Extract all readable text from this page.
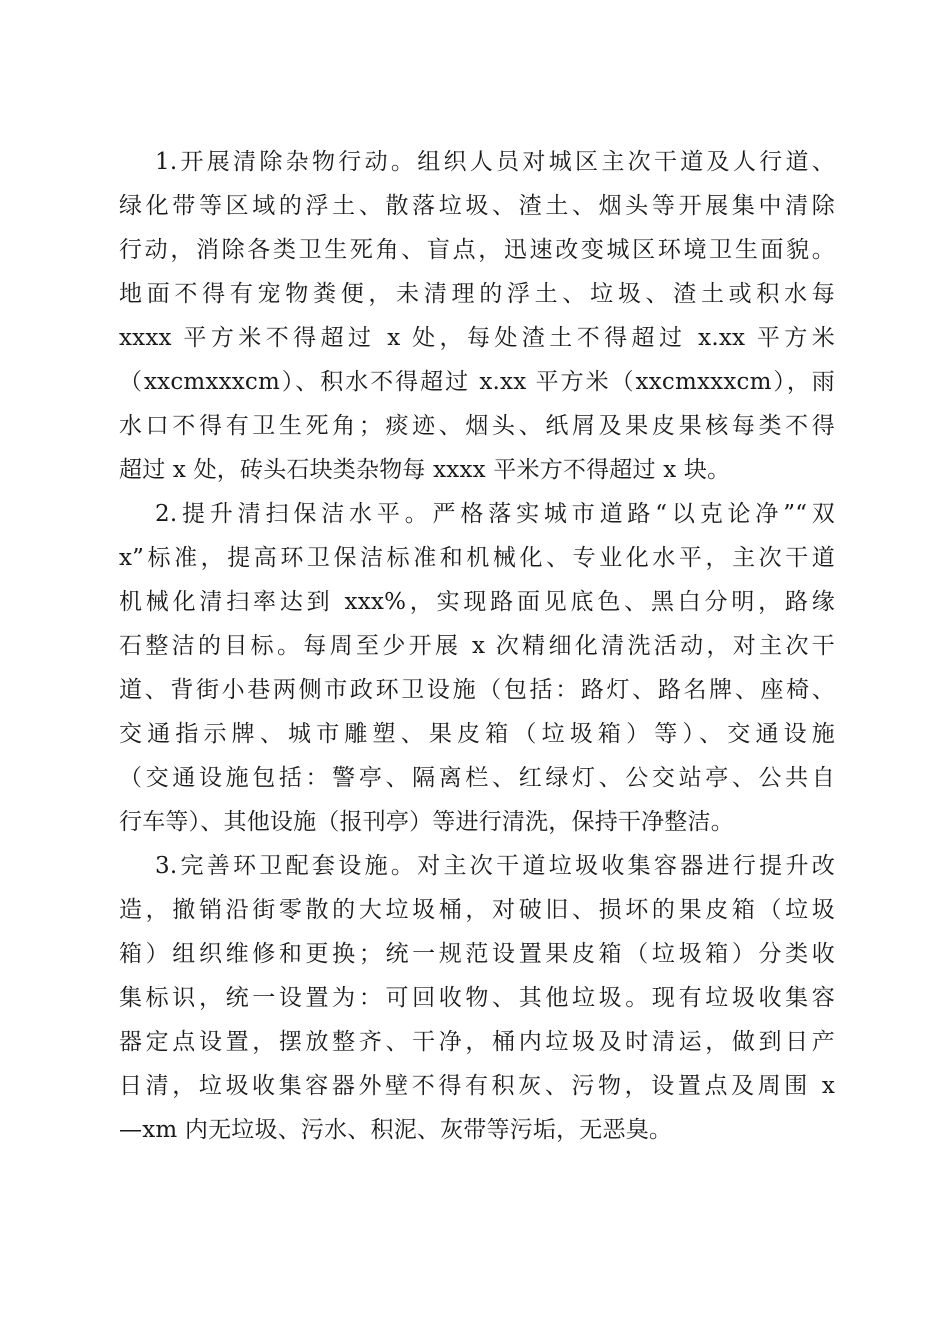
1.开展清除杂物行动。组织人员对城区主次干道及人行道、
绿化带等区域的浮土、散落垃圾、渣土、烟头等开展集中清除
行动，消除各类卫生死角、盲点，迅速改变城区环境卫生面貌。
地面不得有宠物粪便，未清理的浮土、垃圾、渣土或积水每
xxxx 平方米不得超过 x 处，每处渣土不得超过 x.xx 平方米
（xxcmxxxcm）、积水不得超过 x.xx 平方米（xxcmxxxcm），雨
水口不得有卫生死角；痰迹、烟头、纸屑及果皮果核每类不得
超过 x 处，砖头石块类杂物每 xxxx 平米方不得超过 x 块。
2.提升清扫保洁水平。严格落实城市道路“以克论净”“双
x”标准，提高环卫保洁标准和机械化、专业化水平，主次干道
机械化清扫率达到 xxx%，实现路面见底色、黑白分明，路缘
石整洁的目标。每周至少开展 x 次精细化清洗活动，对主次干
道、背街小巷两侧市政环卫设施（包括：路灯、路名牌、座椅、
交通指示牌、城市雕塑、果皮箱（垃圾箱）等）、交通设施
（交通设施包括：警亭、隔离栏、红绿灯、公交站亭、公共自
行车等）、其他设施（报刊亭）等进行清洗，保持干净整洁。
3.完善环卫配套设施。对主次干道垃圾收集容器进行提升改
造，撤销沿街零散的大垃圾桶，对破旧、损坏的果皮箱（垃圾
箱）组织维修和更换；统一规范设置果皮箱（垃圾箱）分类收
集标识，统一设置为：可回收物、其他垃圾。现有垃圾收集容
器定点设置，摆放整齐、干净，桶内垃圾及时清运，做到日产
日清，垃圾收集容器外壁不得有积灰、污物，设置点及周围 x
—xm 内无垃圾、污水、积泥、灰带等污垢，无恶臭。
